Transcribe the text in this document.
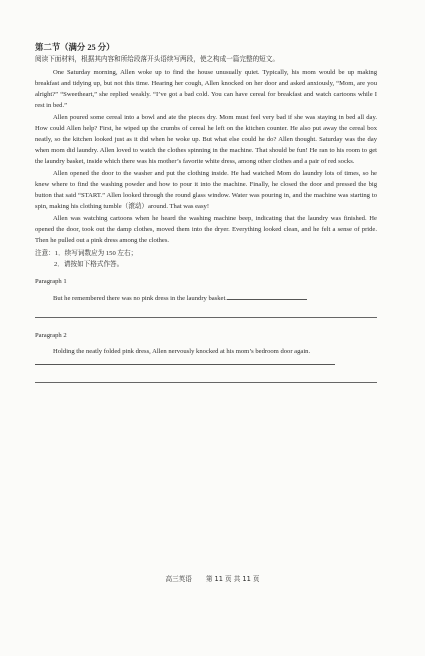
第二节（满分 25 分）
阅读下面材料，根据其内容和所给段落开头语续写两段，使之构成一篇完整的短文。

One Saturday morning, Allen woke up to find the house unusually quiet. Typically, his mom would be up making breakfast and tidying up, but not this time. Hearing her cough, Allen knocked on her door and asked anxiously, “Mom, are you alright?” “Sweetheart,” she replied weakly. “I’ve got a bad cold. You can have cereal for breakfast and watch cartoons while I rest in bed.”

Allen poured some cereal into a bowl and ate the pieces dry. Mom must feel very bad if she was staying in bed all day. How could Allen help? First, he wiped up the crumbs of cereal he left on the kitchen counter. He also put away the cereal box neatly, so the kitchen looked just as it did when he woke up. But what else could he do? Allen thought. Saturday was the day when mom did laundry. Allen loved to watch the clothes spinning in the machine. That should be fun! He ran to his room to get the laundry basket, inside which there was his mother’s favorite white dress, among other clothes and a pair of red socks.

Allen opened the door to the washer and put the clothing inside. He had watched Mom do laundry lots of times, so he knew where to find the washing powder and how to pour it into the machine. Finally, he closed the door and pressed the big button that said “START.” Allen looked through the round glass window. Water was pouring in, and the machine was starting to spin, making his clothing tumble（滚动）around. That was easy!

Allen was watching cartoons when he heard the washing machine beep, indicating that the laundry was finished. He opened the door, took out the damp clothes, moved them into the dryer. Everything looked clean, and he felt a sense of pride. Then he pulled out a pink dress among the clothes.

注意：1．续写词数应为 150 左右；
2．请按如下格式作答。
Paragraph 1

But he remembered there was no pink dress in the laundry basket.

Paragraph 2

Holding the neatly folded pink dress, Allen nervously knocked at his mom’s bedroom door again.

高三英语 第 11 页 共 11 页
